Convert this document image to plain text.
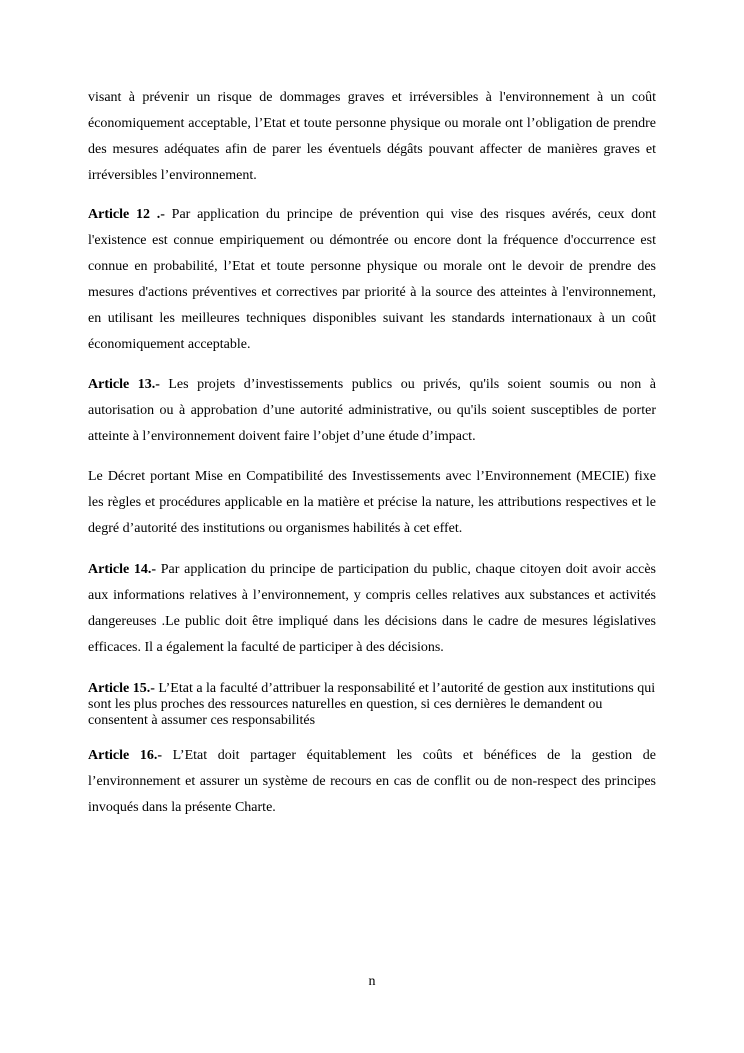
visant à prévenir un risque de dommages graves et irréversibles à l'environnement à un coût économiquement acceptable, l’Etat et toute personne physique ou morale ont l’obligation de prendre des mesures adéquates afin de parer les éventuels dégâts pouvant affecter de manières graves et irréversibles l’environnement.

Article 12 .- Par application du principe de prévention qui vise des risques avérés, ceux dont l'existence est connue empiriquement ou démontrée ou encore dont la fréquence d'occurrence est connue en probabilité, l’Etat et toute personne physique ou morale ont le devoir de prendre des mesures d'actions préventives et correctives par priorité à la source des atteintes à l'environnement, en utilisant les meilleures techniques disponibles suivant les standards internationaux à un coût économiquement acceptable.

Article 13.- Les projets d’investissements publics ou privés, qu'ils soient soumis ou non à autorisation ou à approbation d’une autorité administrative, ou qu'ils soient susceptibles de porter atteinte à l’environnement doivent faire l’objet d’une étude d’impact.

Le Décret portant Mise en Compatibilité des Investissements avec l’Environnement (MECIE) fixe les règles et procédures applicable en la matière et précise la nature, les attributions respectives et le degré d’autorité des institutions ou organismes habilités à cet effet.

Article 14.- Par application du principe de participation du public, chaque citoyen doit avoir accès aux informations relatives à l’environnement, y compris celles relatives aux substances et activités dangereuses .Le public doit être impliqué dans les décisions dans le cadre de mesures législatives efficaces. Il a également la faculté de participer à des décisions.

Article 15.- L’Etat a la faculté d’attribuer la responsabilité et l’autorité de gestion aux institutions qui sont les plus proches des ressources naturelles en question, si ces dernières le demandent ou consentent à assumer ces responsabilités

Article 16.- L’Etat doit partager équitablement les coûts et bénéfices de la gestion de l’environnement et assurer un système de recours en cas de conflit ou de non-respect des principes invoqués dans la présente Charte.

n
